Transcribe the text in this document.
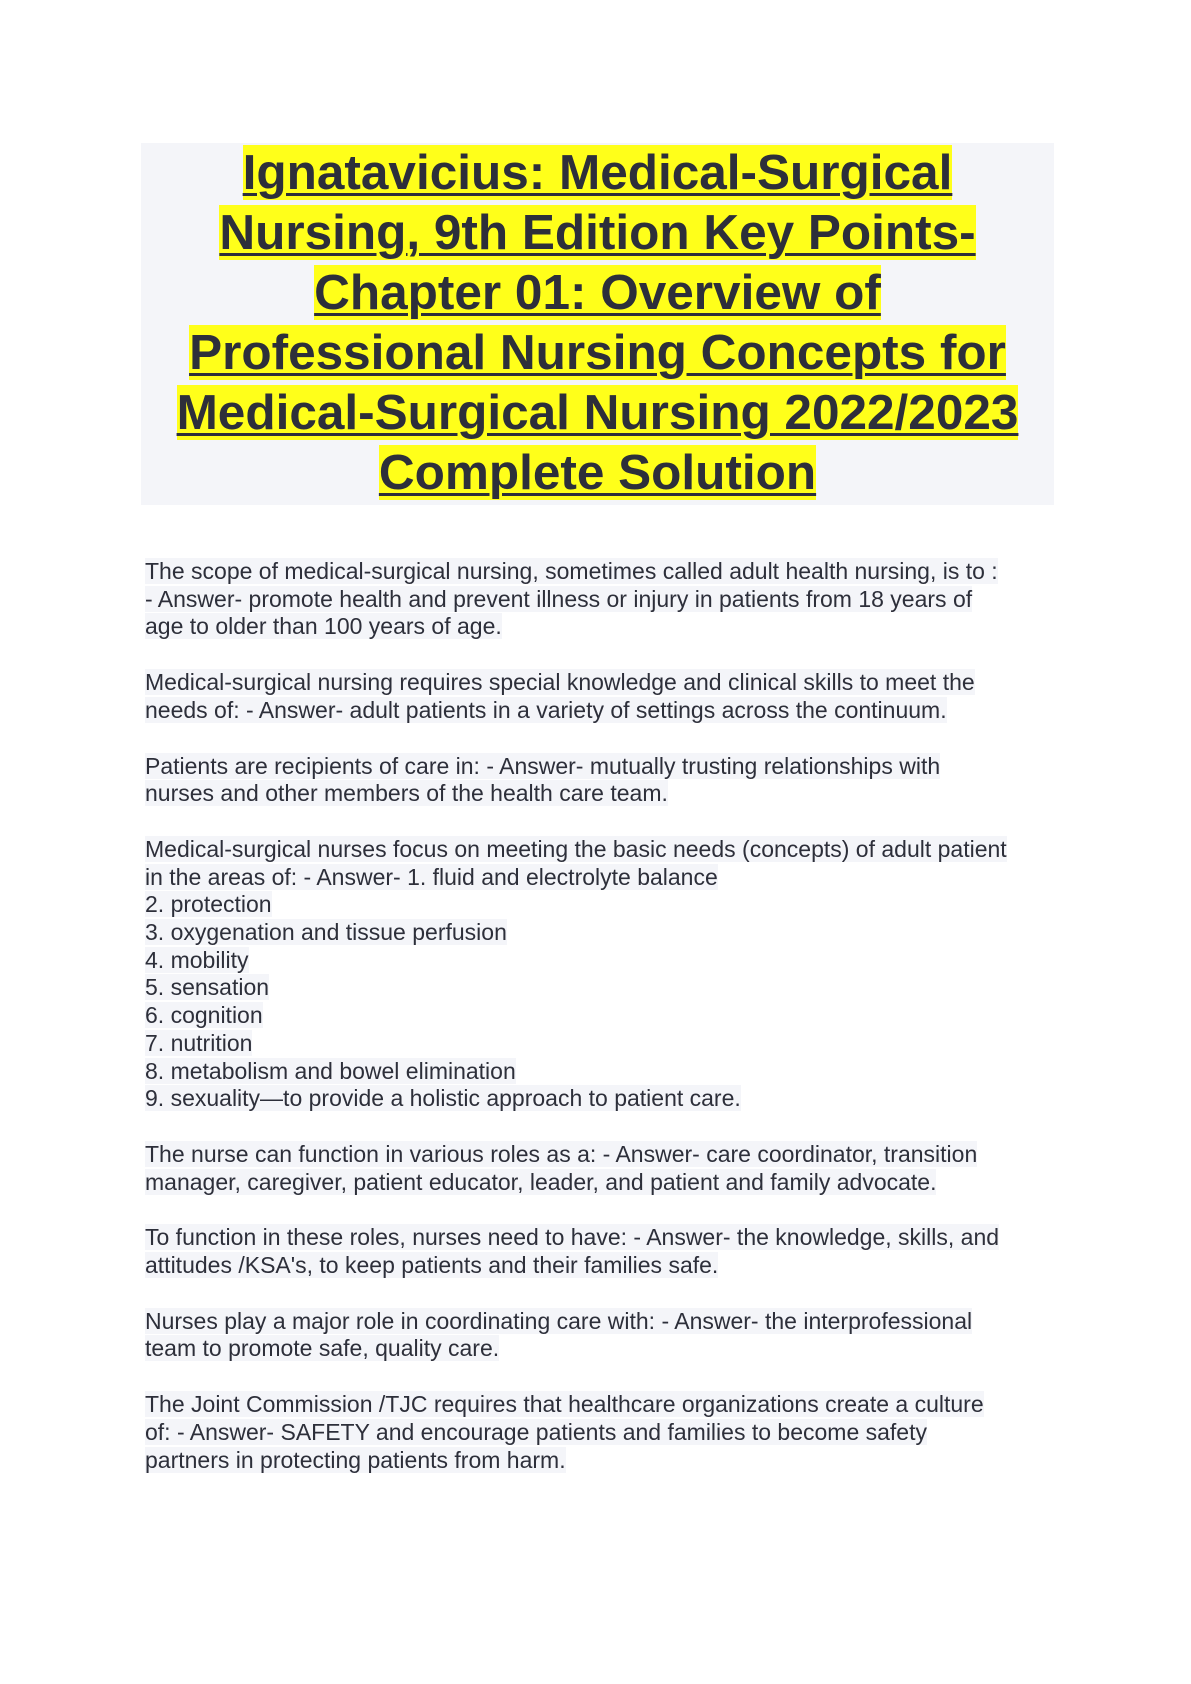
Ignatavicius: Medical-Surgical
Nursing, 9th Edition Key Points-
Chapter 01: Overview of
Professional Nursing Concepts for
Medical-Surgical Nursing 2022/2023
Complete Solution
The scope of medical-surgical nursing, sometimes called adult health nursing, is to :
- Answer- promote health and prevent illness or injury in patients from 18 years of
age to older than 100 years of age.
Medical-surgical nursing requires special knowledge and clinical skills to meet the
needs of: - Answer- adult patients in a variety of settings across the continuum.
Patients are recipients of care in: - Answer- mutually trusting relationships with
nurses and other members of the health care team.
Medical-surgical nurses focus on meeting the basic needs (concepts) of adult patient
in the areas of: - Answer- 1. fluid and electrolyte balance
2. protection
3. oxygenation and tissue perfusion
4. mobility
5. sensation
6. cognition
7. nutrition
8. metabolism and bowel elimination
9. sexuality—to provide a holistic approach to patient care.
The nurse can function in various roles as a: - Answer- care coordinator, transition
manager, caregiver, patient educator, leader, and patient and family advocate.
To function in these roles, nurses need to have: - Answer- the knowledge, skills, and
attitudes /KSA's, to keep patients and their families safe.
Nurses play a major role in coordinating care with: - Answer- the interprofessional
team to promote safe, quality care.
The Joint Commission /TJC requires that healthcare organizations create a culture
of: - Answer- SAFETY and encourage patients and families to become safety
partners in protecting patients from harm.
